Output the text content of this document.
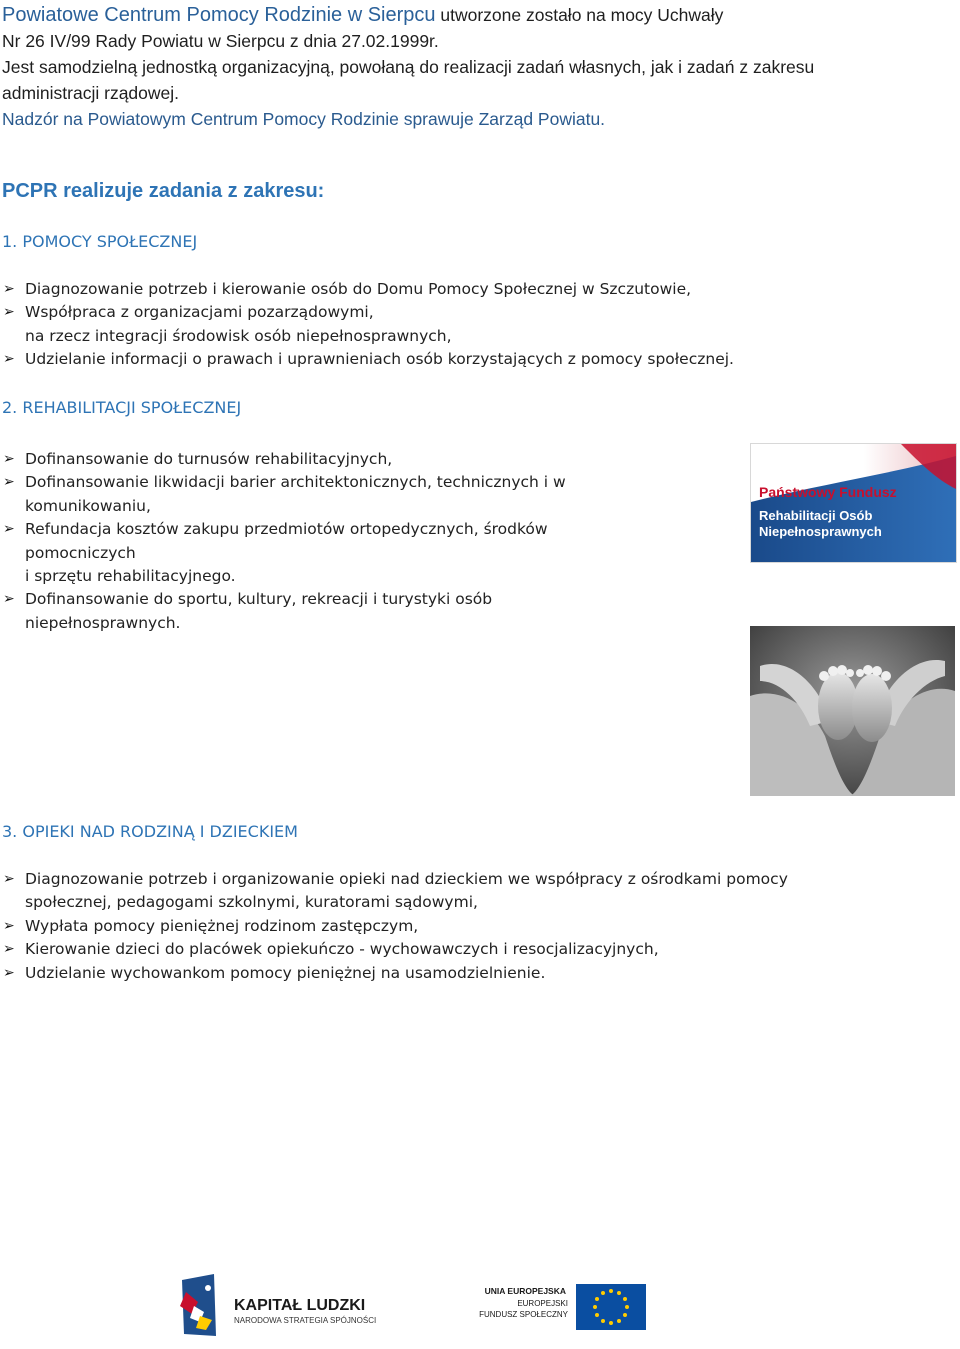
Powiatowe Centrum Pomocy Rodzinie w Sierpcu utworzone zostało na mocy Uchwały

Nr 26 IV/99 Rady Powiatu w Sierpcu z dnia 27.02.1999r.

Jest samodzielną jednostką organizacyjną, powołaną do realizacji zadań własnych, jak i zadań z zakresu administracji rządowej.

Nadzór na Powiatowym Centrum Pomocy Rodzinie sprawuje Zarząd Powiatu.

PCPR realizuje zadania z zakresu:
1. POMOCY SPOŁECZNEJ
➢ Diagnozowanie potrzeb i kierowanie osób do Domu Pomocy Społecznej w Szczutowie,
➢ Współpraca z organizacjami pozarządowymi,
na rzecz integracji środowisk osób niepełnosprawnych,
➢ Udzielanie informacji o prawach i uprawnieniach osób korzystających z pomocy społecznej.
2. REHABILITACJI SPOŁECZNEJ
➢ Dofinansowanie do turnusów rehabilitacyjnych,
➢ Dofinansowanie likwidacji barier architektonicznych, technicznych i w
komunikowaniu,
➢ Refundacja kosztów zakupu przedmiotów ortopedycznych, środków
pomocniczych
i sprzętu rehabilitacyjnego.
➢ Dofinansowanie do sportu, kultury, rekreacji i turystyki osób
niepełnosprawnych.
Państwowy Fundusz
Rehabilitacji Osób
Niepełnosprawnych
3. OPIEKI NAD RODZINĄ I DZIECKIEM
➢ Diagnozowanie potrzeb i organizowanie opieki nad dzieckiem we współpracy z ośrodkami pomocy
społecznej, pedagogami szkolnymi, kuratorami sądowymi,
➢ Wypłata pomocy pieniężnej rodzinom zastępczym,
➢ Kierowanie dzieci do placówek opiekuńczo - wychowawczych i resocjalizacyjnych,
➢ Udzielanie wychowankom pomocy pieniężnej na usamodzielnienie.
KAPITAŁ LUDZKI
NARODOWA STRATEGIA SPÓJNOŚCI
UNIA EUROPEJSKA
EUROPEJSKI
FUNDUSZ SPOŁECZNY
